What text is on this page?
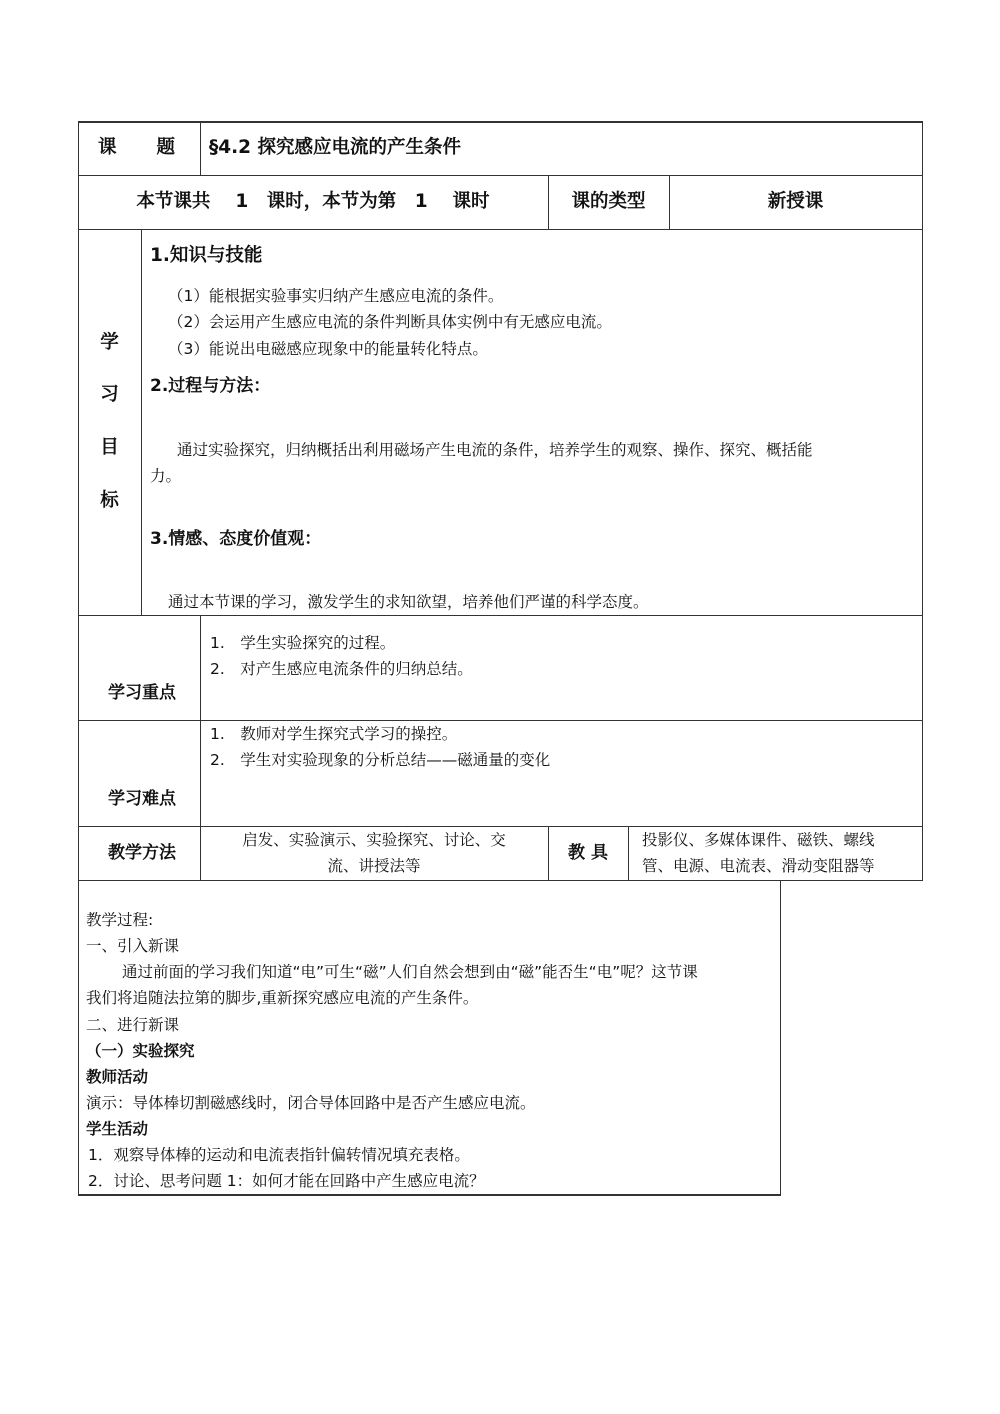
课　　题 §4.2 探究感应电流的产生条件
本节课共　 1　课时，本节为第　1　 课时	课的类型	新授课
学
习
目
标
1.知识与技能
（1）能根据实验事实归纳产生感应电流的条件。
（2）会运用产生感应电流的条件判断具体实例中有无感应电流。
（3）能说出电磁感应现象中的能量转化特点。
2.过程与方法：
通过实验探究，归纳概括出利用磁场产生电流的条件，培养学生的观察、操作、探究、概括能
力。
3.情感、态度价值观：
通过本节课的学习，激发学生的求知欲望，培养他们严谨的科学态度。
学习重点
1.　学生实验探究的过程。
2.　对产生感应电流条件的归纳总结。
学习难点
1.　教师对学生探究式学习的操控。
2.　学生对实验现象的分析总结——磁通量的变化
教学方法
启发、实验演示、实验探究、讨论、交
流、讲授法等
教 具
投影仪、多媒体课件、磁铁、螺线
管、电源、电流表、滑动变阻器等
教学过程:
一、引入新课
通过前面的学习我们知道“电”可生“磁”人们自然会想到由“磁”能否生“电”呢？这节课
我们将追随法拉第的脚步,重新探究感应电流的产生条件。
二、进行新课
（一）实验探究
教师活动
演示：导体棒切割磁感线时，闭合导体回路中是否产生感应电流。
学生活动
1．观察导体棒的运动和电流表指针偏转情况填充表格。
2．讨论、思考问题 1：如何才能在回路中产生感应电流？
